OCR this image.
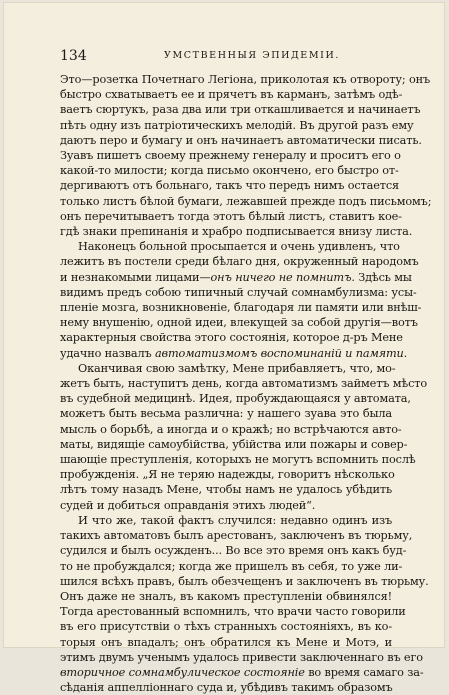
134	УМСТВЕННЫЯ ЭПИДЕМІИ.
Это—розетка Почетнаго Легіона, приколотая къ отвороту; онъ
быстро схватываетъ ее и прячетъ въ карманъ, затѣмъ одѣ-
ваетъ сюртукъ, раза два или три откашливается и начинаетъ
пѣть одну изъ патріотическихъ мелодій. Въ другой разъ ему
даютъ перо и бумагу и онъ начинаетъ автоматически писать.
Зуавъ пишетъ своему прежнему генералу и проситъ его о
какой-то милости; когда письмо окончено, его быстро от-
дергиваютъ отъ больнаго, такъ что передъ нимъ остается
только листъ бѣлой бумаги, лежавшей прежде подъ письмомъ;
онъ перечитываетъ тогда этотъ бѣлый листъ, ставитъ кое-
гдѣ знаки препинанія и храбро подписывается внизу листа.
Наконецъ больной просыпается и очень удивленъ, что
лежитъ въ постели среди бѣлаго дня, окруженный народомъ
и незнакомыми лицами—онъ ничего не помнитъ. Здѣсь мы
видимъ предъ собою типичный случай сомнамбулизма: усы-
пленіе мозга, возникновеніе, благодаря ли памяти или внѣш-
нему внушенію, одной идеи, влекущей за собой другія—вотъ
характерныя свойства этого состоянія, которое д-ръ Мене
удачно назвалъ автоматизмомъ воспоминаній и памяти.
Оканчивая свою замѣтку, Мене прибавляетъ, что, мо-
жетъ быть, наступитъ день, когда автоматизмъ займетъ мѣсто
въ судебной медицинѣ. Идея, пробуждающаяся у автомата,
можетъ быть весьма различна: у нашего зуава это была
мысль о борьбѣ, а иногда и о кражѣ; но встрѣчаются авто-
маты, видящіе самоубійства, убійства или пожары и совер-
шающіе преступленія, которыхъ не могутъ вспомнить послѣ
пробужденія. „Я не теряю надежды, говоритъ нѣсколько
лѣтъ тому назадъ Мене, чтобы намъ не удалось убѣдить
судей и добиться оправданія этихъ людей“.
И что же, такой фактъ случился: недавно одинъ изъ
такихъ автоматовъ былъ арестованъ, заключенъ въ тюрьму,
судился и былъ осужденъ... Во все это время онъ какъ буд-
то не пробуждался; когда же пришелъ въ себя, то уже ли-
шился всѣхъ правъ, былъ обезчещенъ и заключенъ въ тюрьму.
Онъ даже не зналъ, въ какомъ преступленіи обвинялся!
Тогда арестованный вспомнилъ, что врачи часто говорили
въ его присутствіи о тѣхъ странныхъ состояніяхъ, въ ко-
торыя онъ впадалъ; онъ обратился къ Мене и Мотэ, и
этимъ двумъ ученымъ удалось привести заключеннаго въ его
вторичное сомнамбулическое состояніе во время самаго за-
сѣданія аппелліоннаго суда и, убѣдивъ такимъ образомъ
